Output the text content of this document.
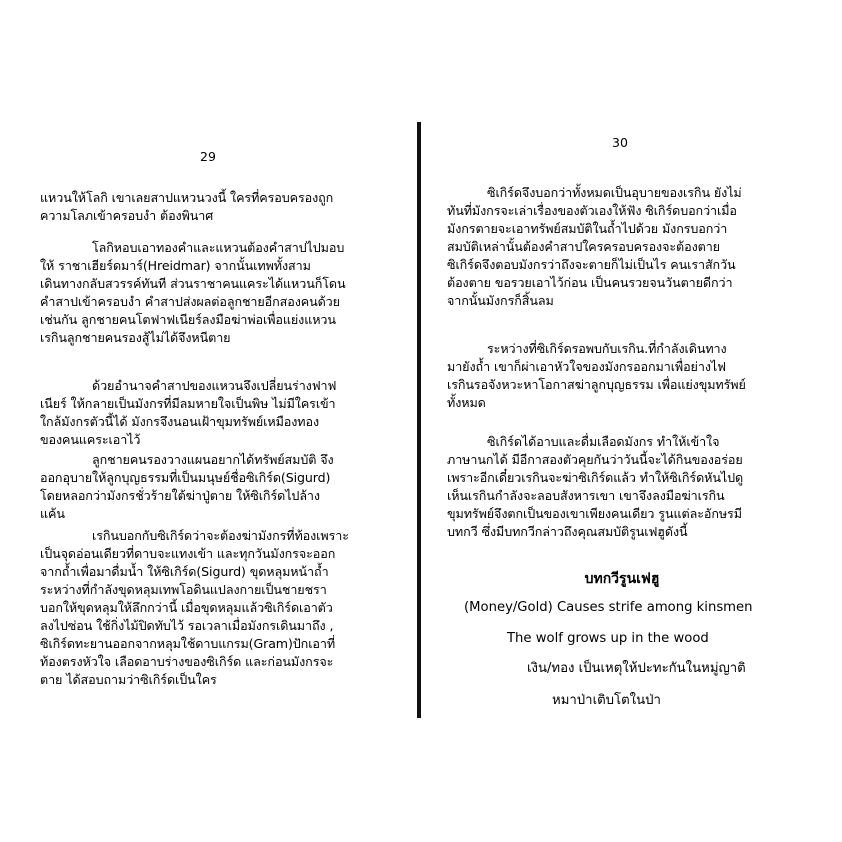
29
แหวนให้โลกิ เขาเลยสาปแหวนวงนี้ ใครที่ครอบครองถูก
ความโลภเข้าครอบงำ ต้องพินาศ
โลกิหอบเอาทองคำและแหวนต้องคำสาปไปมอบ
ให้ ราชาเฮียร์ดมาร์(Hreidmar) จากนั้นเทพทั้งสาม
เดินทางกลับสวรรค์ทันที ส่วนราชาคนแคระได้แหวนก็โดน
คำสาปเข้าครอบงำ คำสาปส่งผลต่อลูกชายอีกสองคนด้วย
เช่นกัน ลูกชายคนโตฟาฟเนียร์ลงมือฆ่าพ่อเพื่อแย่งแหวน
เรกินลูกชายคนรองสู้ไม่ได้จึงหนีตาย
ด้วยอำนาจคำสาปของแหวนจึงเปลี่ยนร่างฟาฟ
เนียร์ ให้กลายเป็นมังกรที่มีลมหายใจเป็นพิษ ไม่มีใครเข้า
ใกล้มังกรตัวนี้ได้ มังกรจึงนอนเฝ้าขุมทรัพย์เหมืองทอง
ของคนแคระเอาไว้
ลูกชายคนรองวางแผนอยากได้ทรัพย์สมบัติ จึง
ออกอุบายให้ลูกบุญธรรมที่เป็นมนุษย์ชื่อซิเกิร์ด(Sigurd)
โดยหลอกว่ามังกรชั่วร้ายใต้ฆ่าปู่ตาย ให้ซิเกิร์ดไปล้าง
แค้น
เรกินบอกกับซิเกิร์ดว่าจะต้องฆ่ามังกรที่ท้องเพราะ
เป็นจุดอ่อนเดียวที่ดาบจะแทงเข้า และทุกวันมังกรจะออก
จากถ้ำเพื่อมาดื่มน้ำ ให้ซิเกิร์ด(Sigurd) ขุดหลุมหน้าถ้ำ
ระหว่างที่กำลังขุดหลุมเทพโอดินแปลงกายเป็นชายชรา
บอกให้ขุดหลุมให้ลึกกว่านี้ เมื่อขุดหลุมแล้วซิเกิร์ดเอาตัว
ลงไปซ่อน ใช้กิ่งไม้ปิดทับไว้ รอเวลาเมื่อมังกรเดินมาถึง ,
ซิเกิร์ดทะยานออกจากหลุมใช้ดาบแกรม(Gram)ปักเอาที่
ท้องตรงหัวใจ เลือดอาบร่างของซิเกิร์ด และก่อนมังกรจะ
ตาย ได้สอบถามว่าซิเกิร์ดเป็นใคร
30
ซิเกิร์ดจึงบอกว่าทั้งหมดเป็นอุบายของเรกิน ยังไม่
ทันที่มังกรจะเล่าเรื่องของตัวเองให้ฟัง ซิเกิร์ดบอกว่าเมื่อ
มังกรตายจะเอาทรัพย์สมบัติในถ้ำไปด้วย มังกรบอกว่า
สมบัติเหล่านั้นต้องคำสาปใครครอบครองจะต้องตาย
ซิเกิร์ดจึงตอบมังกรว่าถึงจะตายก็ไม่เป็นไร คนเราสักวัน
ต้องตาย ขอรวยเอาไว้ก่อน เป็นคนรวยจนวันตายดีกว่า
จากนั้นมังกรก็สิ้นลม
ระหว่างที่ซิเกิร์ดรอพบกับเรกิน.ที่กำลังเดินทาง
มายังถ้ำ เขาก็ผ่าเอาหัวใจของมังกรออกมาเพื่อย่างไฟ
เรกินรอจังหวะหาโอกาสฆ่าลูกบุญธรรม เพื่อแย่งขุมทรัพย์
ทั้งหมด
ซิเกิร์ดได้อาบและดื่มเลือดมังกร ทำให้เข้าใจ
ภาษานกได้ มีอีกาสองตัวคุยกันว่าวันนี้จะได้กินของอร่อย
เพราะอีกเดี๋ยวเรกินจะฆ่าซิเกิร์ดแล้ว ทำให้ซิเกิร์ดหันไปดู
เห็นเรกินกำลังจะลอบสังหารเขา เขาจึงลงมือฆ่าเรกิน
ขุมทรัพย์จึงตกเป็นของเขาเพียงคนเดียว รูนแต่ละอักษรมี
บทกวี ซึ่งมีบทกวีกล่าวถึงคุณสมบัติรูนเฟฮูดังนี้
บทกวีรูนเฟฮู
(Money/Gold) Causes strife among kinsmen
The wolf grows up in the wood
เงิน/ทอง เป็นเหตุให้ปะทะกันในหมู่ญาติ
หมาป่าเติบโตในป่า
